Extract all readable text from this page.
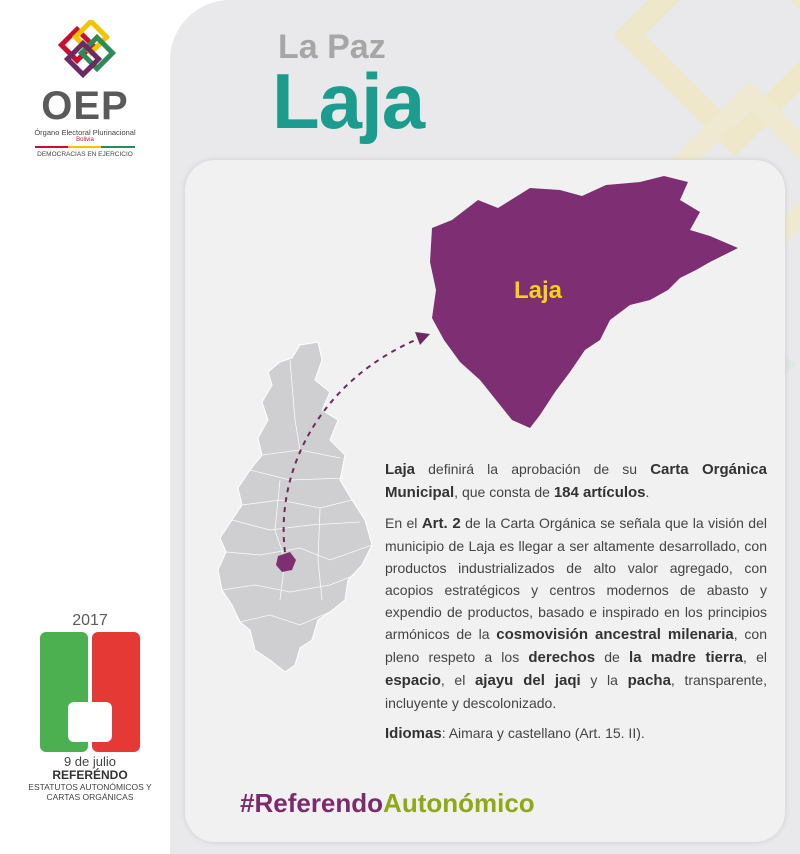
OEP
Órgano Electoral Plurinacional
Bolivia
DEMOCRACIAS EN EJERCICIO
La Paz
Laja
Laja

Laja definirá la aprobación de su Carta Orgánica Municipal, que consta de 184 artículos.

En el Art. 2 de la Carta Orgánica se señala que la visión del municipio de Laja es llegar a ser altamente desarrollado, con productos industrializados de alto valor agregado, con acopios estratégicos y centros modernos de abasto y expendio de productos, basado e inspirado en los principios armónicos de la cosmovisión ancestral milenaria, con pleno respeto a los derechos de la madre tierra, el espacio, el ajayu del jaqi y la pacha, transparente, incluyente y descolonizado.

Idiomas: Aimara y castellano (Art. 15. II).

#ReferendoAutonómico
2017
9 de julio
REFERÉNDO
ESTATUTOS AUTONÓMICOS Y
CARTAS ORGÁNICAS
